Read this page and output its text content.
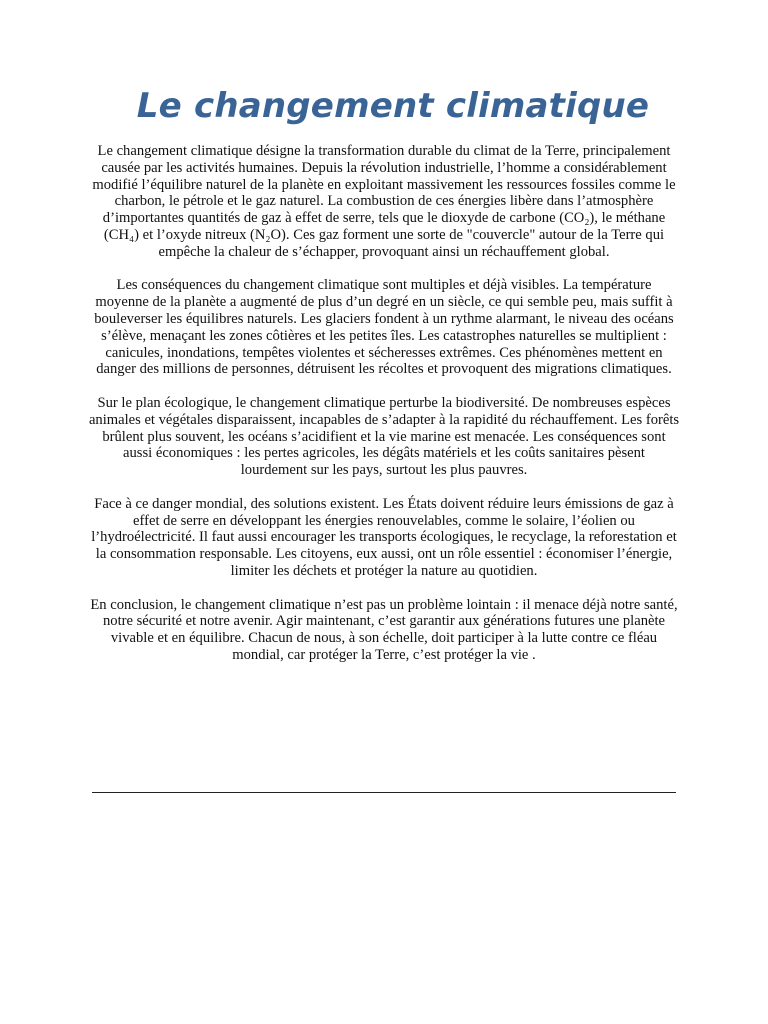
Le changement climatique

Le changement climatique désigne la transformation durable du climat de la Terre, principalement causée par les activités humaines. Depuis la révolution industrielle, l’homme a considérablement modifié l’équilibre naturel de la planète en exploitant massivement les ressources fossiles comme le charbon, le pétrole et le gaz naturel. La combustion de ces énergies libère dans l’atmosphère d’importantes quantités de gaz à effet de serre, tels que le dioxyde de carbone (CO₂), le méthane (CH₄) et l’oxyde nitreux (N₂O). Ces gaz forment une sorte de "couvercle" autour de la Terre qui empêche la chaleur de s’échapper, provoquant ainsi un réchauffement global.

Les conséquences du changement climatique sont multiples et déjà visibles. La température moyenne de la planète a augmenté de plus d’un degré en un siècle, ce qui semble peu, mais suffit à bouleverser les équilibres naturels. Les glaciers fondent à un rythme alarmant, le niveau des océans s’élève, menaçant les zones côtières et les petites îles. Les catastrophes naturelles se multiplient : canicules, inondations, tempêtes violentes et sécheresses extrêmes. Ces phénomènes mettent en danger des millions de personnes, détruisent les récoltes et provoquent des migrations climatiques.

Sur le plan écologique, le changement climatique perturbe la biodiversité. De nombreuses espèces animales et végétales disparaissent, incapables de s’adapter à la rapidité du réchauffement. Les forêts brûlent plus souvent, les océans s’acidifient et la vie marine est menacée. Les conséquences sont aussi économiques : les pertes agricoles, les dégâts matériels et les coûts sanitaires pèsent lourdement sur les pays, surtout les plus pauvres.

Face à ce danger mondial, des solutions existent. Les États doivent réduire leurs émissions de gaz à effet de serre en développant les énergies renouvelables, comme le solaire, l’éolien ou l’hydroélectricité. Il faut aussi encourager les transports écologiques, le recyclage, la reforestation et la consommation responsable. Les citoyens, eux aussi, ont un rôle essentiel : économiser l’énergie, limiter les déchets et protéger la nature au quotidien.

En conclusion, le changement climatique n’est pas un problème lointain : il menace déjà notre santé, notre sécurité et notre avenir. Agir maintenant, c’est garantir aux générations futures une planète vivable et en équilibre. Chacun de nous, à son échelle, doit participer à la lutte contre ce fléau mondial, car protéger la Terre, c’est protéger la vie .
